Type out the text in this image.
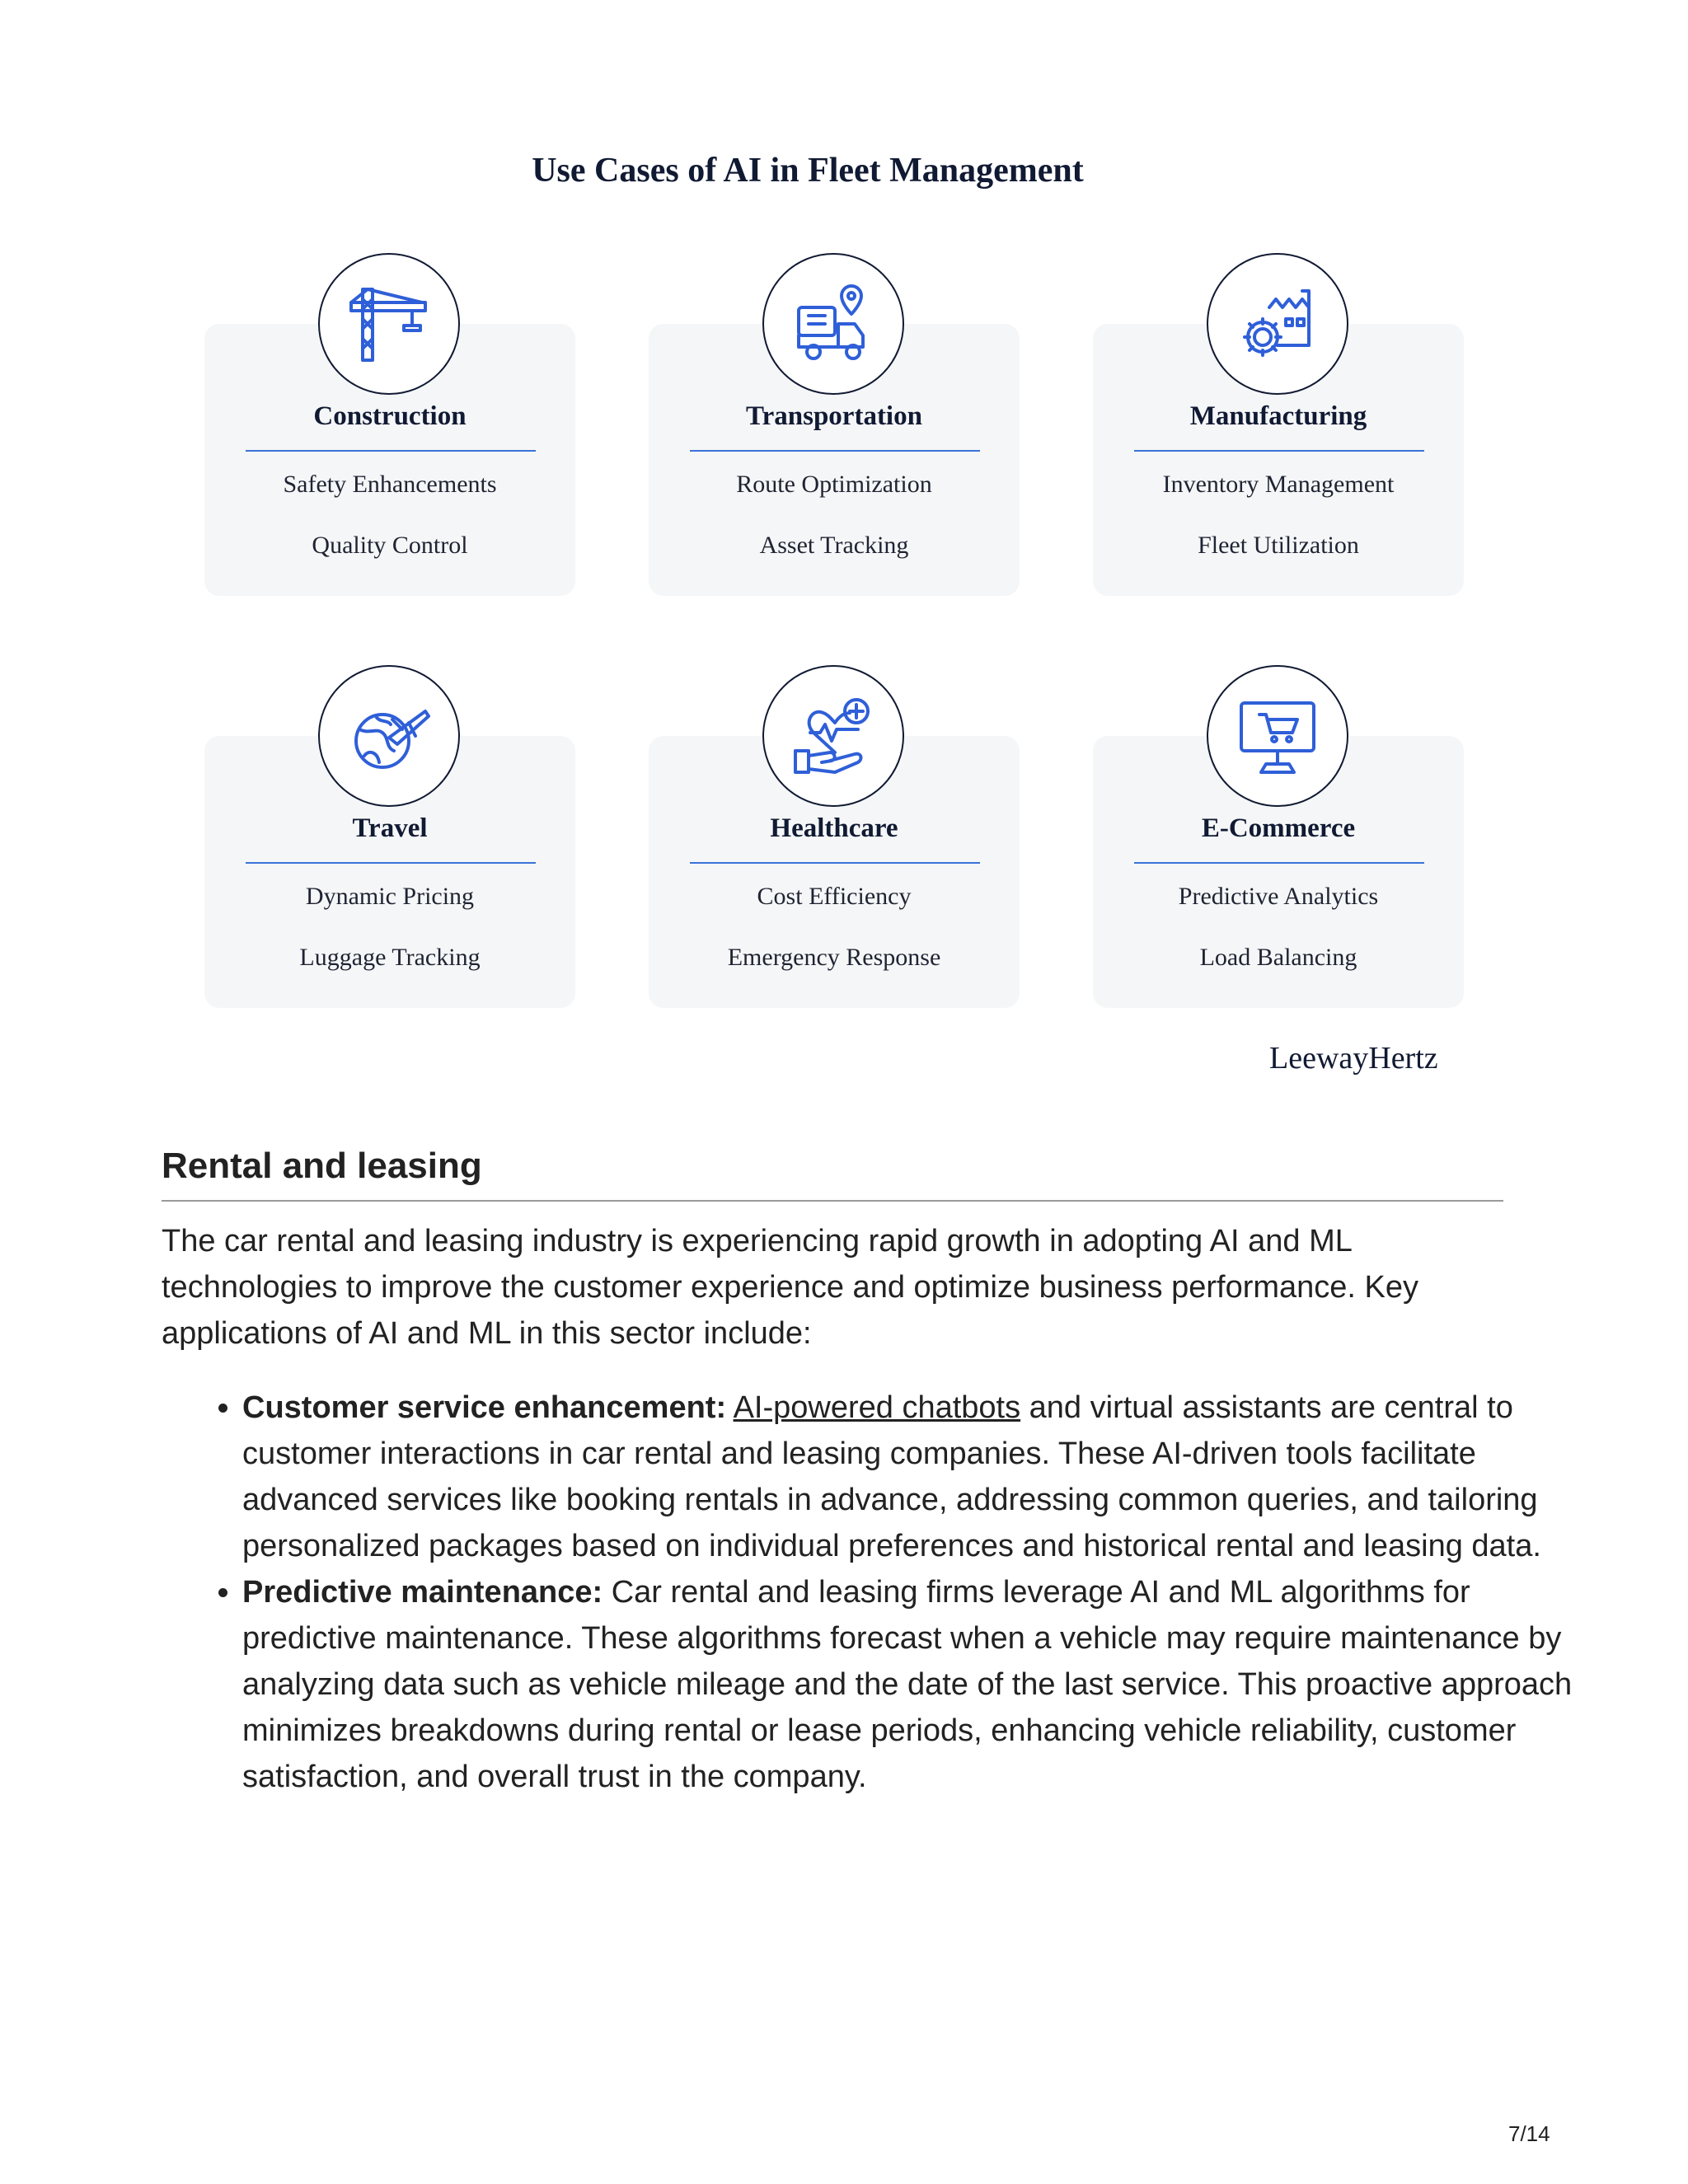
Use Cases of AI in Fleet Management
Construction
Safety Enhancements
Quality Control
Transportation
Route Optimization
Asset Tracking
Manufacturing
Inventory Management
Fleet Utilization
Travel
Dynamic Pricing
Luggage Tracking
Healthcare
Cost Efficiency
Emergency Response
E-Commerce
Predictive Analytics
Load Balancing
LeewayHertz
Rental and leasing

The car rental and leasing industry is experiencing rapid growth in adopting AI and ML technologies to improve the customer experience and optimize business performance. Key applications of AI and ML in this sector include:

• Customer service enhancement: AI-powered chatbots and virtual assistants are central to customer interactions in car rental and leasing companies. These AI-driven tools facilitate advanced services like booking rentals in advance, addressing common queries, and tailoring personalized packages based on individual preferences and historical rental and leasing data.
• Predictive maintenance: Car rental and leasing firms leverage AI and ML algorithms for predictive maintenance. These algorithms forecast when a vehicle may require maintenance by analyzing data such as vehicle mileage and the date of the last service. This proactive approach minimizes breakdowns during rental or lease periods, enhancing vehicle reliability, customer satisfaction, and overall trust in the company.
7/14
